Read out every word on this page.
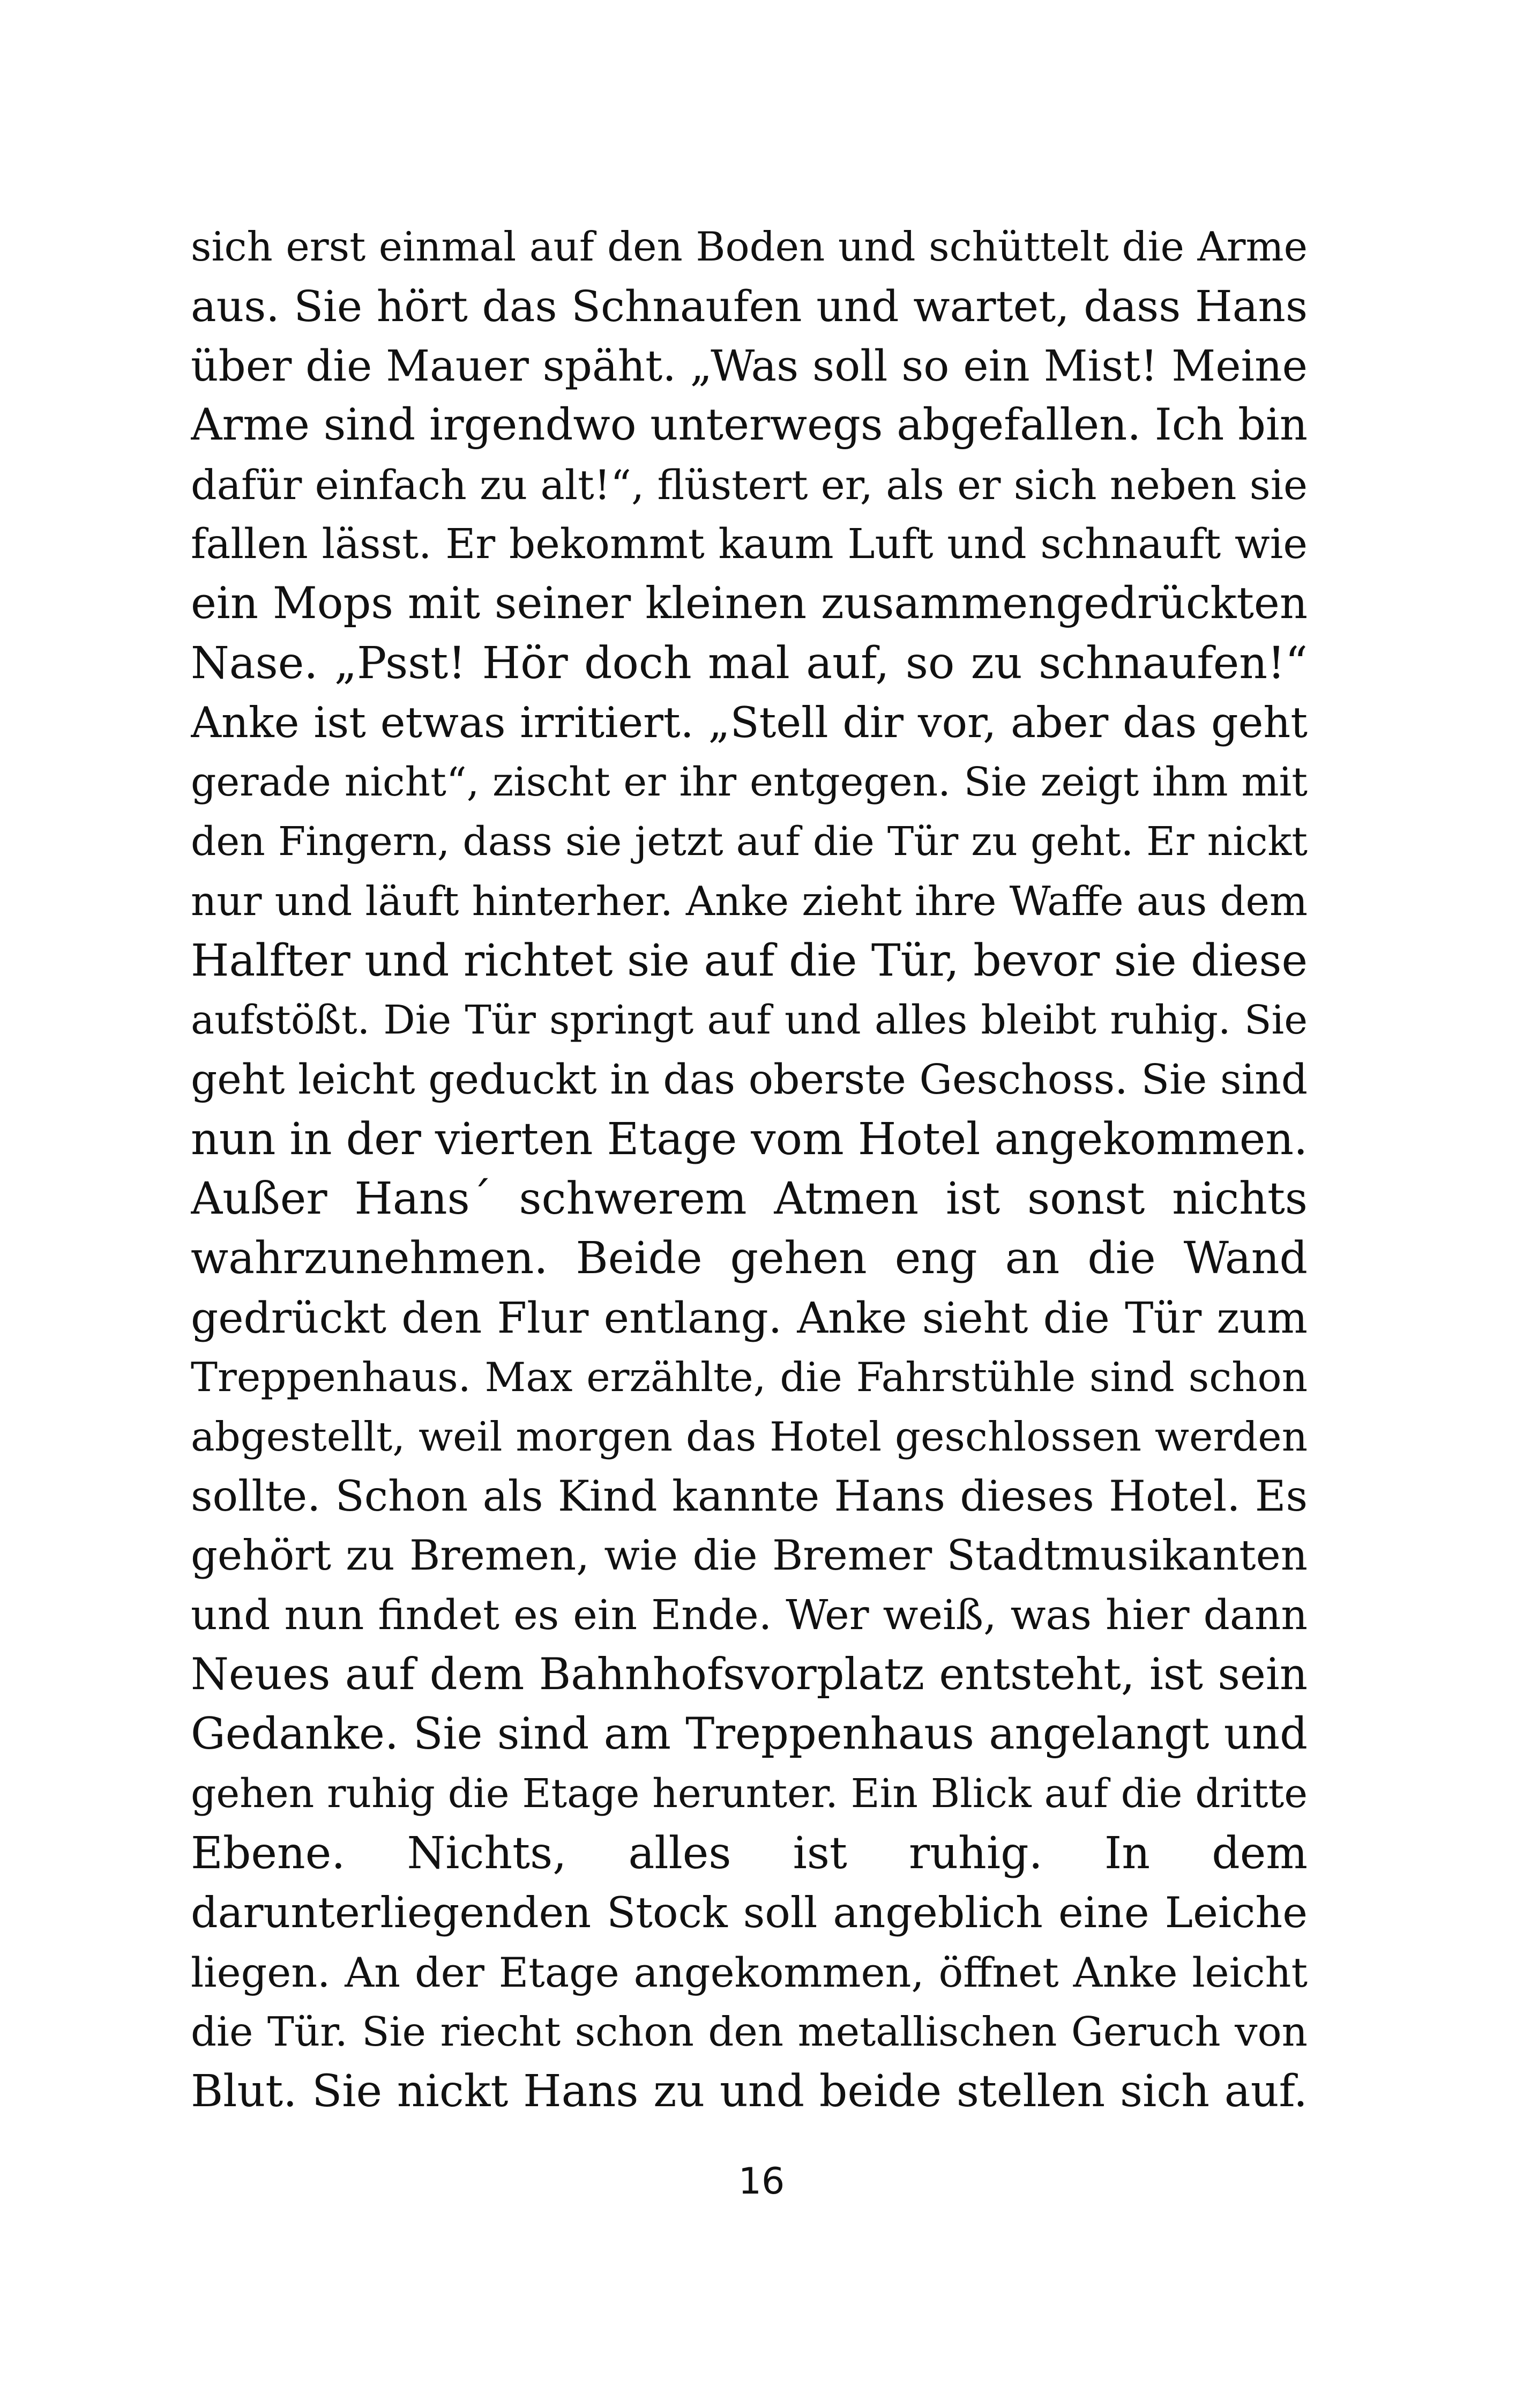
sich erst einmal auf den Boden und schüttelt die Arme
aus. Sie hört das Schnaufen und wartet, dass Hans
über die Mauer späht. „Was soll so ein Mist! Meine
Arme sind irgendwo unterwegs abgefallen. Ich bin
dafür einfach zu alt!“, flüstert er, als er sich neben sie
fallen lässt. Er bekommt kaum Luft und schnauft wie
ein Mops mit seiner kleinen zusammengedrückten
Nase. „Psst! Hör doch mal auf, so zu schnaufen!“
Anke ist etwas irritiert. „Stell dir vor, aber das geht
gerade nicht“, zischt er ihr entgegen. Sie zeigt ihm mit
den Fingern, dass sie jetzt auf die Tür zu geht. Er nickt
nur und läuft hinterher. Anke zieht ihre Waffe aus dem
Halfter und richtet sie auf die Tür, bevor sie diese
aufstößt. Die Tür springt auf und alles bleibt ruhig. Sie
geht leicht geduckt in das oberste Geschoss. Sie sind
nun in der vierten Etage vom Hotel angekommen.
Außer Hans´ schwerem Atmen ist sonst nichts
wahrzunehmen. Beide gehen eng an die Wand
gedrückt den Flur entlang. Anke sieht die Tür zum
Treppenhaus. Max erzählte, die Fahrstühle sind schon
abgestellt, weil morgen das Hotel geschlossen werden
sollte. Schon als Kind kannte Hans dieses Hotel. Es
gehört zu Bremen, wie die Bremer Stadtmusikanten
und nun findet es ein Ende. Wer weiß, was hier dann
Neues auf dem Bahnhofsvorplatz entsteht, ist sein
Gedanke. Sie sind am Treppenhaus angelangt und
gehen ruhig die Etage herunter. Ein Blick auf die dritte
Ebene. Nichts, alles ist ruhig. In dem
darunterliegenden Stock soll angeblich eine Leiche
liegen. An der Etage angekommen, öffnet Anke leicht
die Tür. Sie riecht schon den metallischen Geruch von
Blut. Sie nickt Hans zu und beide stellen sich auf.
16
